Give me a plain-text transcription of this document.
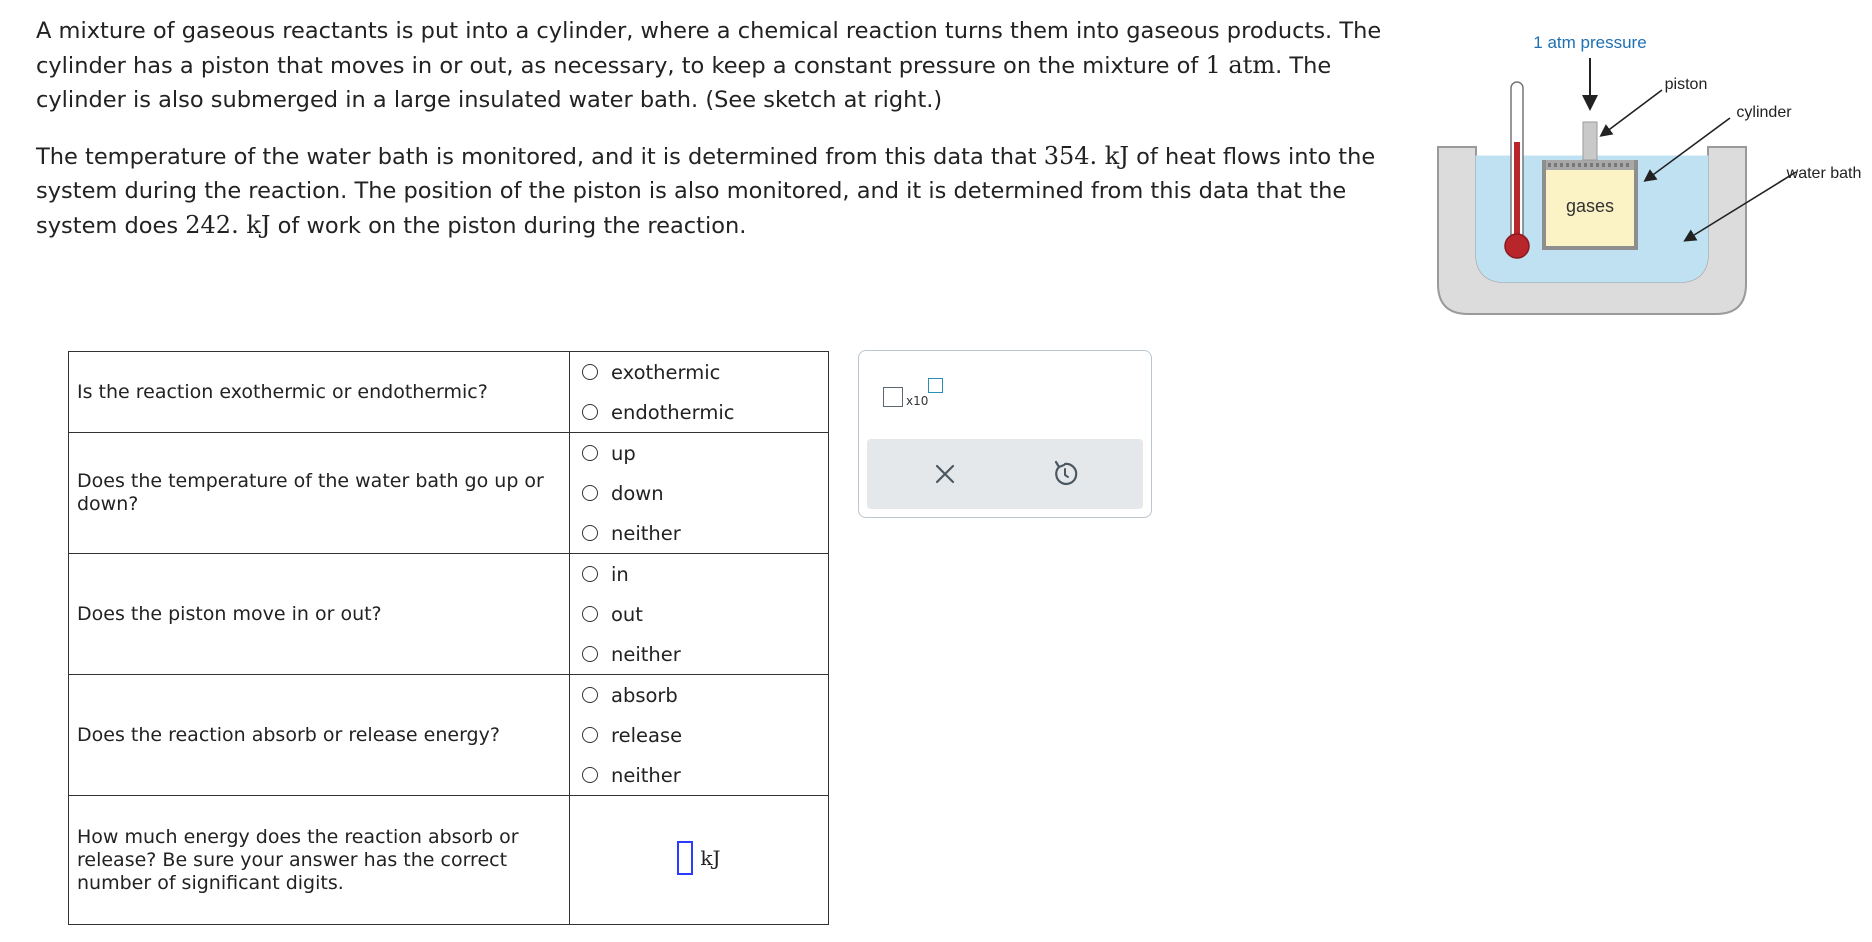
A mixture of gaseous reactants is put into a cylinder, where a chemical reaction turns them into gaseous products. The cylinder has a piston that moves in or out, as necessary, to keep a constant pressure on the mixture of 1 atm. The cylinder is also submerged in a large insulated water bath. (See sketch at right.)

The temperature of the water bath is monitored, and it is determined from this data that 354. kJ of heat flows into the system during the reaction. The position of the piston is also monitored, and it is determined from this data that the system does 242. kJ of work on the piston during the reaction.

1 atm pressure
piston
cylinder
water bath
gases
Is the reaction exothermic or endothermic?	exothermic
endothermic

Does the temperature of the water bath go up or down?	up
down
neither

Does the piston move in or out?	in
out
neither

Does the reaction absorb or release energy?	absorb
release
neither

How much energy does the reaction absorb or release? Be sure your answer has the correct number of significant digits.	kJ
x10
